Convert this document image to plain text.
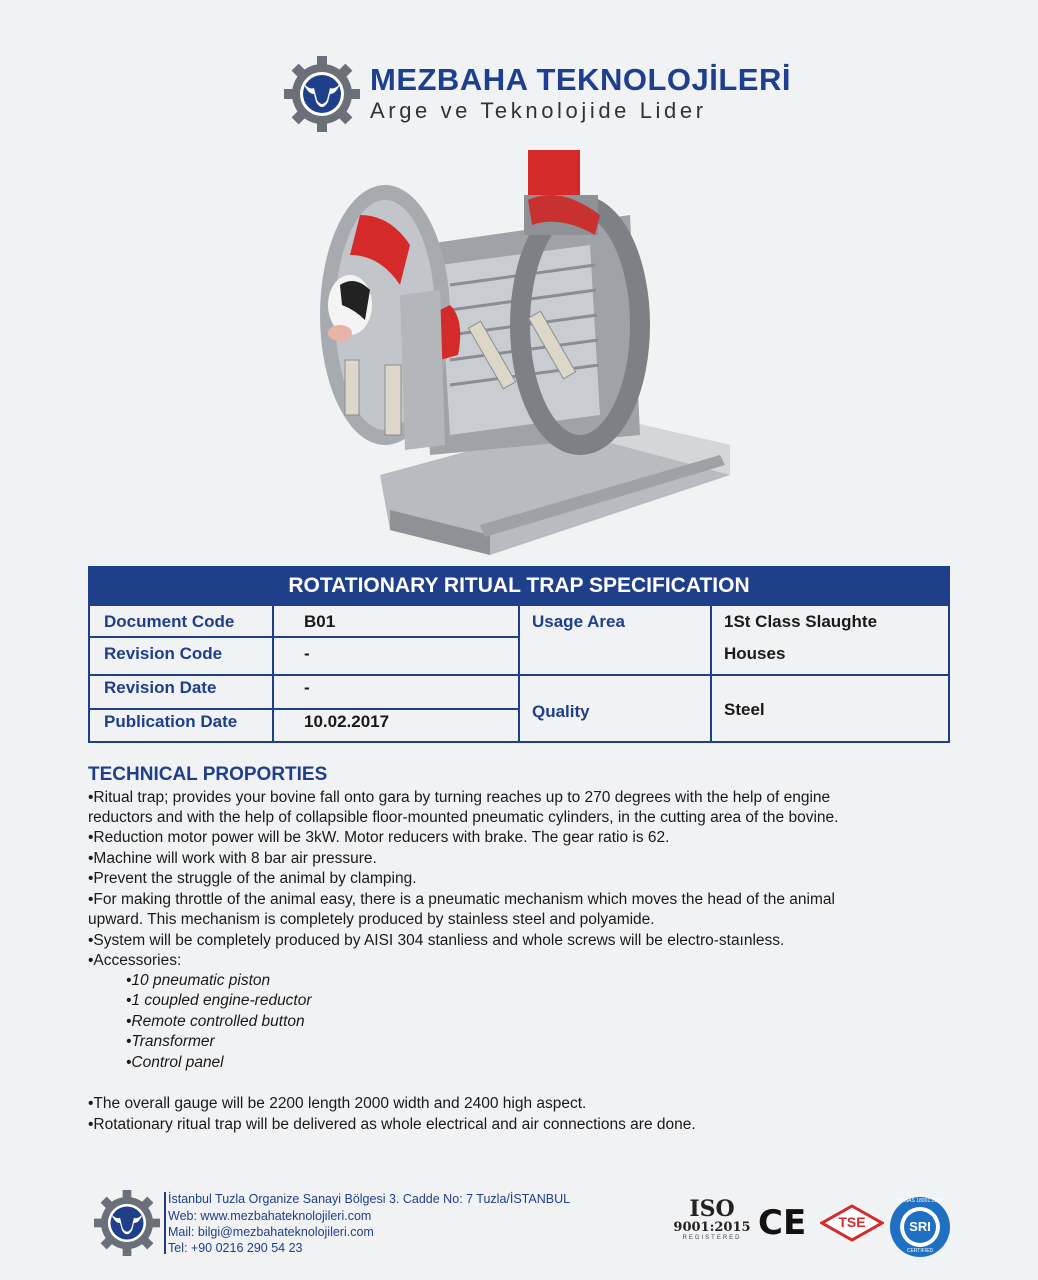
MEZBAHA TEKNOLOJİLERİ
Arge ve Teknolojide Lider
ROTATIONARY RITUAL TRAP SPECIFICATION
Document Code	B01
Revision Code	-
Revision Date	-
Publication Date	10.02.2017
Usage Area	1St Class Slaughte
Houses
Quality	Steel
TECHNICAL PROPORTIES
•Ritual trap; provides your bovine fall onto gara by turning reaches up to 270 degrees with the help of engine
reductors and with the help of collapsible floor-mounted pneumatic cylinders, in the cutting area of the bovine.
•Reduction motor power will be 3kW. Motor reducers with brake. The gear ratio is 62.
•Machine will work with 8 bar air pressure.
•Prevent the struggle of the animal by clamping.
•For making throttle of the animal easy, there is a pneumatic mechanism which moves the head of the animal
upward. This mechanism is completely produced by stainless steel and polyamide.
•System will be completely produced by AISI 304 stanliess and whole screws will be electro-staınless.
•Accessories:
•10 pneumatic piston
•1 coupled engine-reductor
•Remote controlled button
•Transformer
•Control panel
•The overall gauge will be 2200 length 2000 width and 2400 high aspect.
•Rotationary ritual trap will be delivered as whole electrical and air connections are done.
İstanbul Tuzla Organize Sanayi Bölgesi 3. Cadde No: 7 Tuzla/İSTANBUL
Web: www.mezbahateknolojileri.com
Mail: bilgi@mezbahateknolojileri.com
Tel: +90 0216 290 54 23
ISO
9001:2015
REGISTERED CE	TSE	SRI
OHSAS 18001:2007
CERTIFIED
